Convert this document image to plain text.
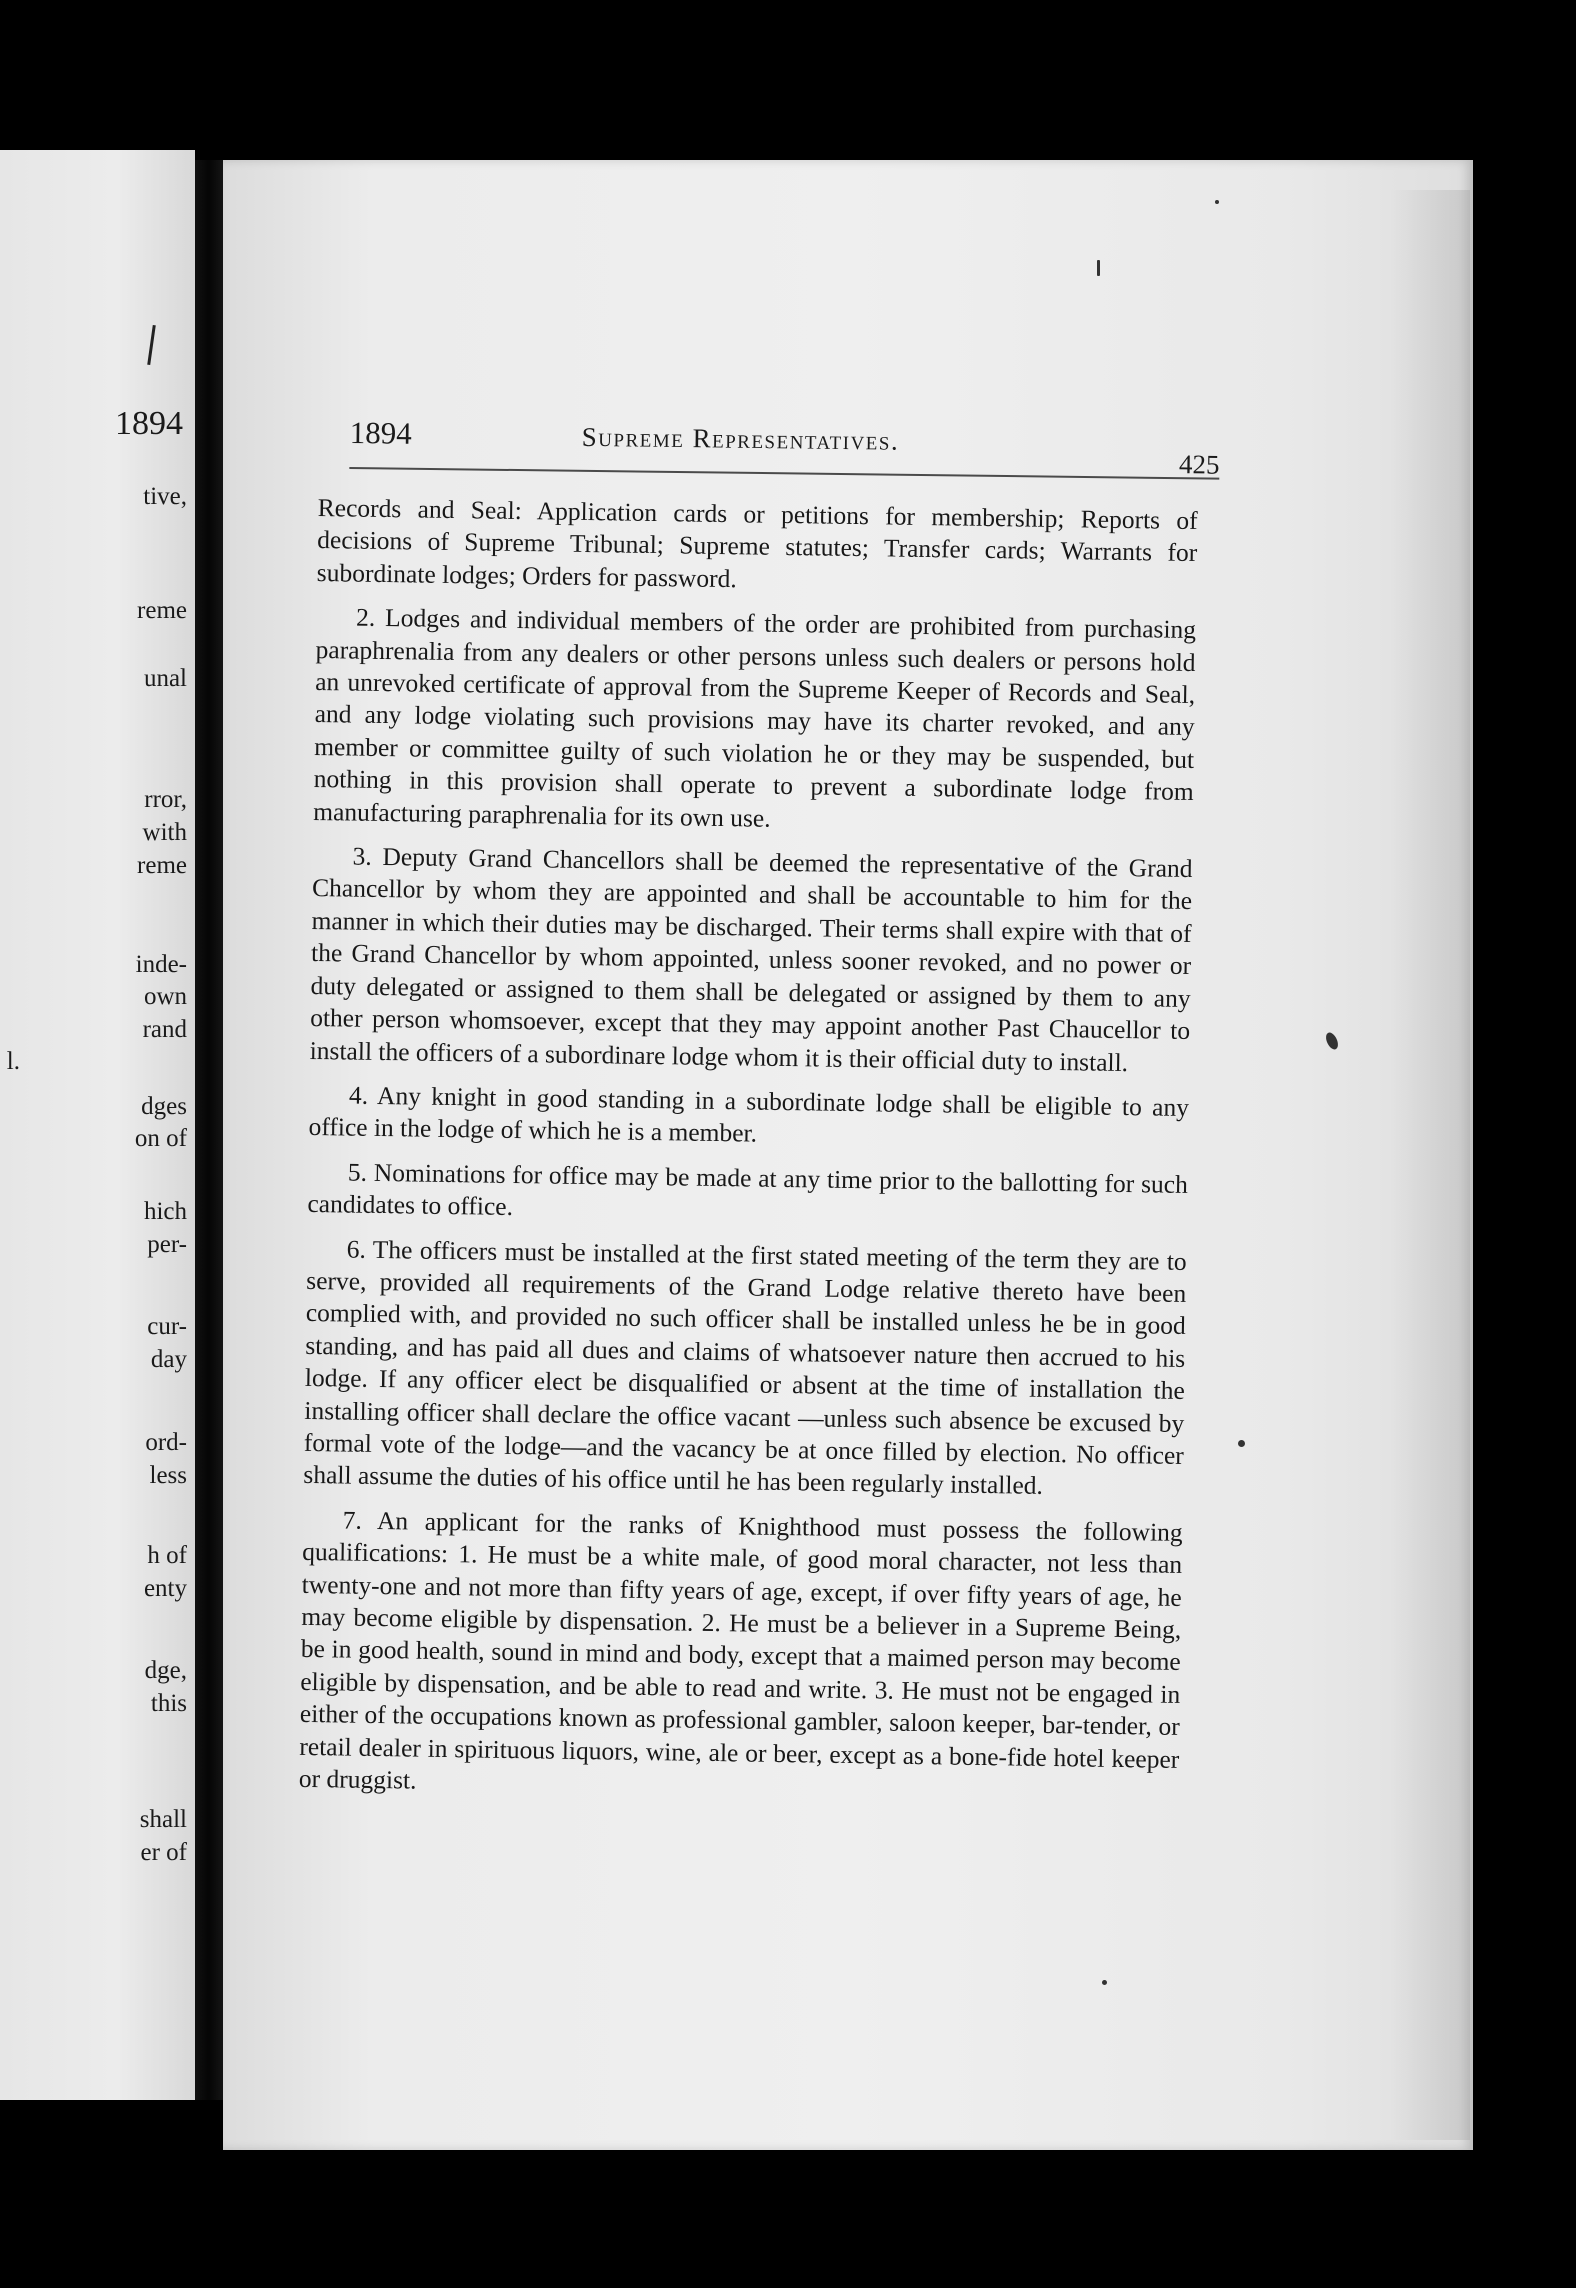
1894
tive,
reme
unal
rror,
with
reme
inde-
own
rand
l.
dges
on of
hich
per-
cur-
day
ord-
less
h of
enty
dge,
this
shall
er of
1894	Supreme Representatives.
425

Records and Seal: Application cards or petitions for membership; Reports of decisions of Supreme Tribunal; Supreme statutes; Transfer cards; Warrants for subordinate lodges; Orders for password.

2. Lodges and individual members of the order are prohibited from purchasing paraphrenalia from any dealers or other persons unless such dealers or persons hold an unrevoked certificate of approval from the Supreme Keeper of Records and Seal, and any lodge violating such provisions may have its charter revoked, and any member or committee guilty of such violation he or they may be suspended, but nothing in this provision shall operate to prevent a subordinate lodge from manufacturing paraphrenalia for its own use.

3. Deputy Grand Chancellors shall be deemed the representative of the Grand Chancellor by whom they are appointed and shall be accountable to him for the manner in which their duties may be discharged. Their terms shall expire with that of the Grand Chancellor by whom appointed, unless sooner revoked, and no power or duty delegated or assigned to them shall be delegated or assigned by them to any other person whomsoever, except that they may appoint another Past Chaucellor to install the officers of a subordinare lodge whom it is their official duty to install.

4. Any knight in good standing in a subordinate lodge shall be eligible to any office in the lodge of which he is a member.

5. Nominations for office may be made at any time prior to the ballotting for such candidates to office.

6. The officers must be installed at the first stated meeting of the term they are to serve, provided all requirements of the Grand Lodge relative thereto have been complied with, and provided no such officer shall be installed unless he be in good standing, and has paid all dues and claims of whatsoever nature then accrued to his lodge. If any officer elect be disqualified or absent at the time of installation the installing officer shall declare the office vacant —unless such absence be excused by formal vote of the lodge—and the vacancy be at once filled by election. No officer shall assume the duties of his office until he has been regularly installed.

7. An applicant for the ranks of Knighthood must possess the following qualifications: 1. He must be a white male, of good moral character, not less than twenty-one and not more than fifty years of age, except, if over fifty years of age, he may become eligible by dispensation. 2. He must be a believer in a Supreme Being, be in good health, sound in mind and body, except that a maimed person may become eligible by dispensation, and be able to read and write. 3. He must not be engaged in either of the occupations known as professional gambler, saloon keeper, bar-tender, or retail dealer in spirituous liquors, wine, ale or beer, except as a bone-fide hotel keeper or druggist.
